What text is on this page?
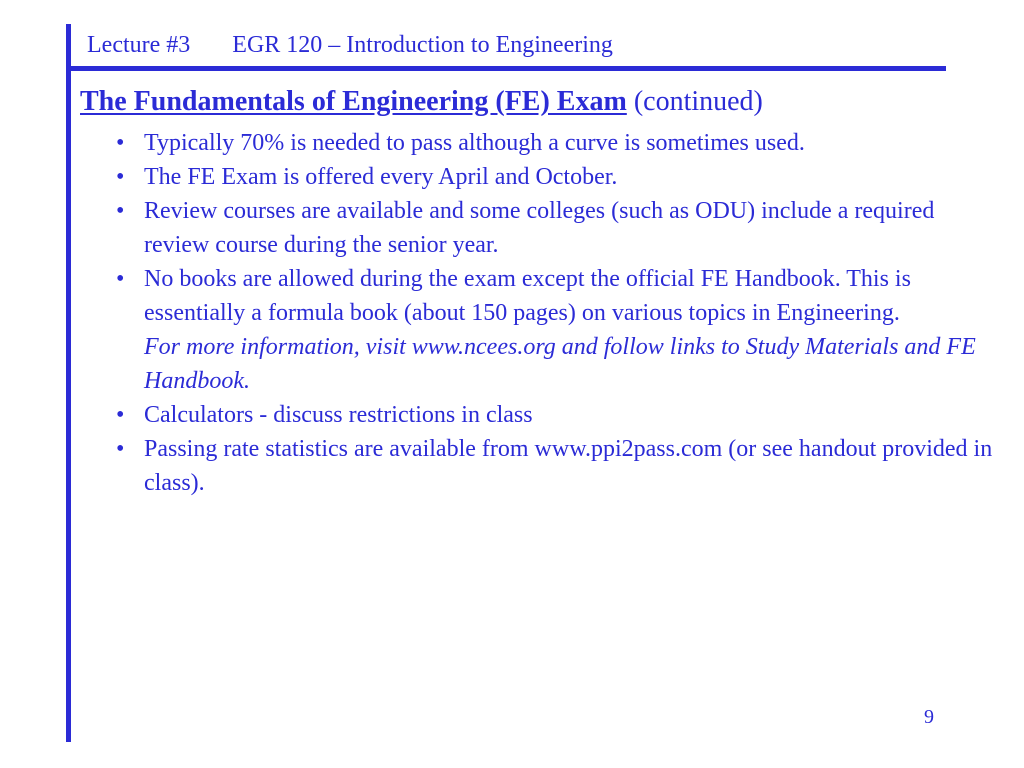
Lecture #3 EGR 120 – Introduction to Engineering
The Fundamentals of Engineering (FE) Exam (continued)
• Typically 70% is needed to pass although a curve is sometimes used.
• The FE Exam is offered every April and October.
• Review courses are available and some colleges (such as ODU) include a required review course during the senior year.
• No books are allowed during the exam except the official FE Handbook. This is essentially a formula book (about 150 pages) on various topics in Engineering.
For more information, visit www.ncees.org and follow links to Study Materials and FE Handbook.
• Calculators - discuss restrictions in class
• Passing rate statistics are available from www.ppi2pass.com (or see handout provided in class).
9
